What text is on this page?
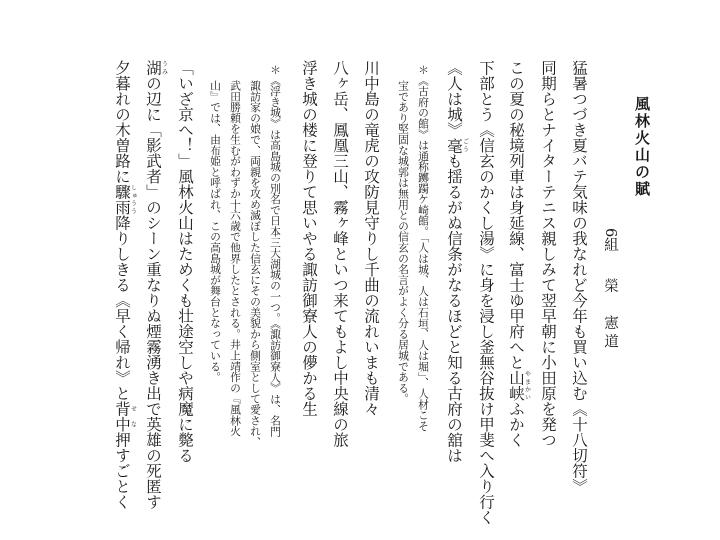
風林火山の賦
6組 榮　憲道
猛暑つづき夏バテ気味の我なれど今年も買い込む《十八切符》
同期らとナイターテニス親しみて翌早朝に小田原を発つ
この夏の秘境列車は身延線、富士ゆ甲府へと山峡やまかいふかく
下部とう《信玄のかくし湯》に身を浸し釜無谷抜け甲斐へ入り行く
《人は城》毫ごうも揺るがぬ信条がなるほどと知る古府の舘は
＊《古府の館》は通称躑躅ケ崎館。「人は城、人は石垣、人は堀」、人材こそ
宝であり堅固な城郭は無用との信玄の名言がよく分る居城である。
川中島の竜虎の攻防見守りし千曲の流れいまも清々
八ヶ岳、鳳凰三山、霧ヶ峰といつ来てもよし中央線の旅
浮き城の楼に登りて思いやる諏訪御寮人の儚かる生
＊《浮き城》は高島城の別名で日本三大湖城の一つ。《諏訪御寮人》は、名門
諏訪家の娘で、両親を攻め滅ぼした信玄にその美貌から側室として愛され、
武田勝頼を生むがわずか十六歳で他界したとされる。井上靖作の『風林火
山』では、由布姫と呼ばれ、この高島城が舞台となっている。
「いざ京へ！」風林火山はためくも壮途空しや病魔に斃る
湖うみの辺に「影武者」のシーン重なりぬ煙霧湧き出で英雄の死匿す
夕暮れの木曽路に驟雨しゅうう降りしきる《早く帰れ》と背中せな押すごとく
